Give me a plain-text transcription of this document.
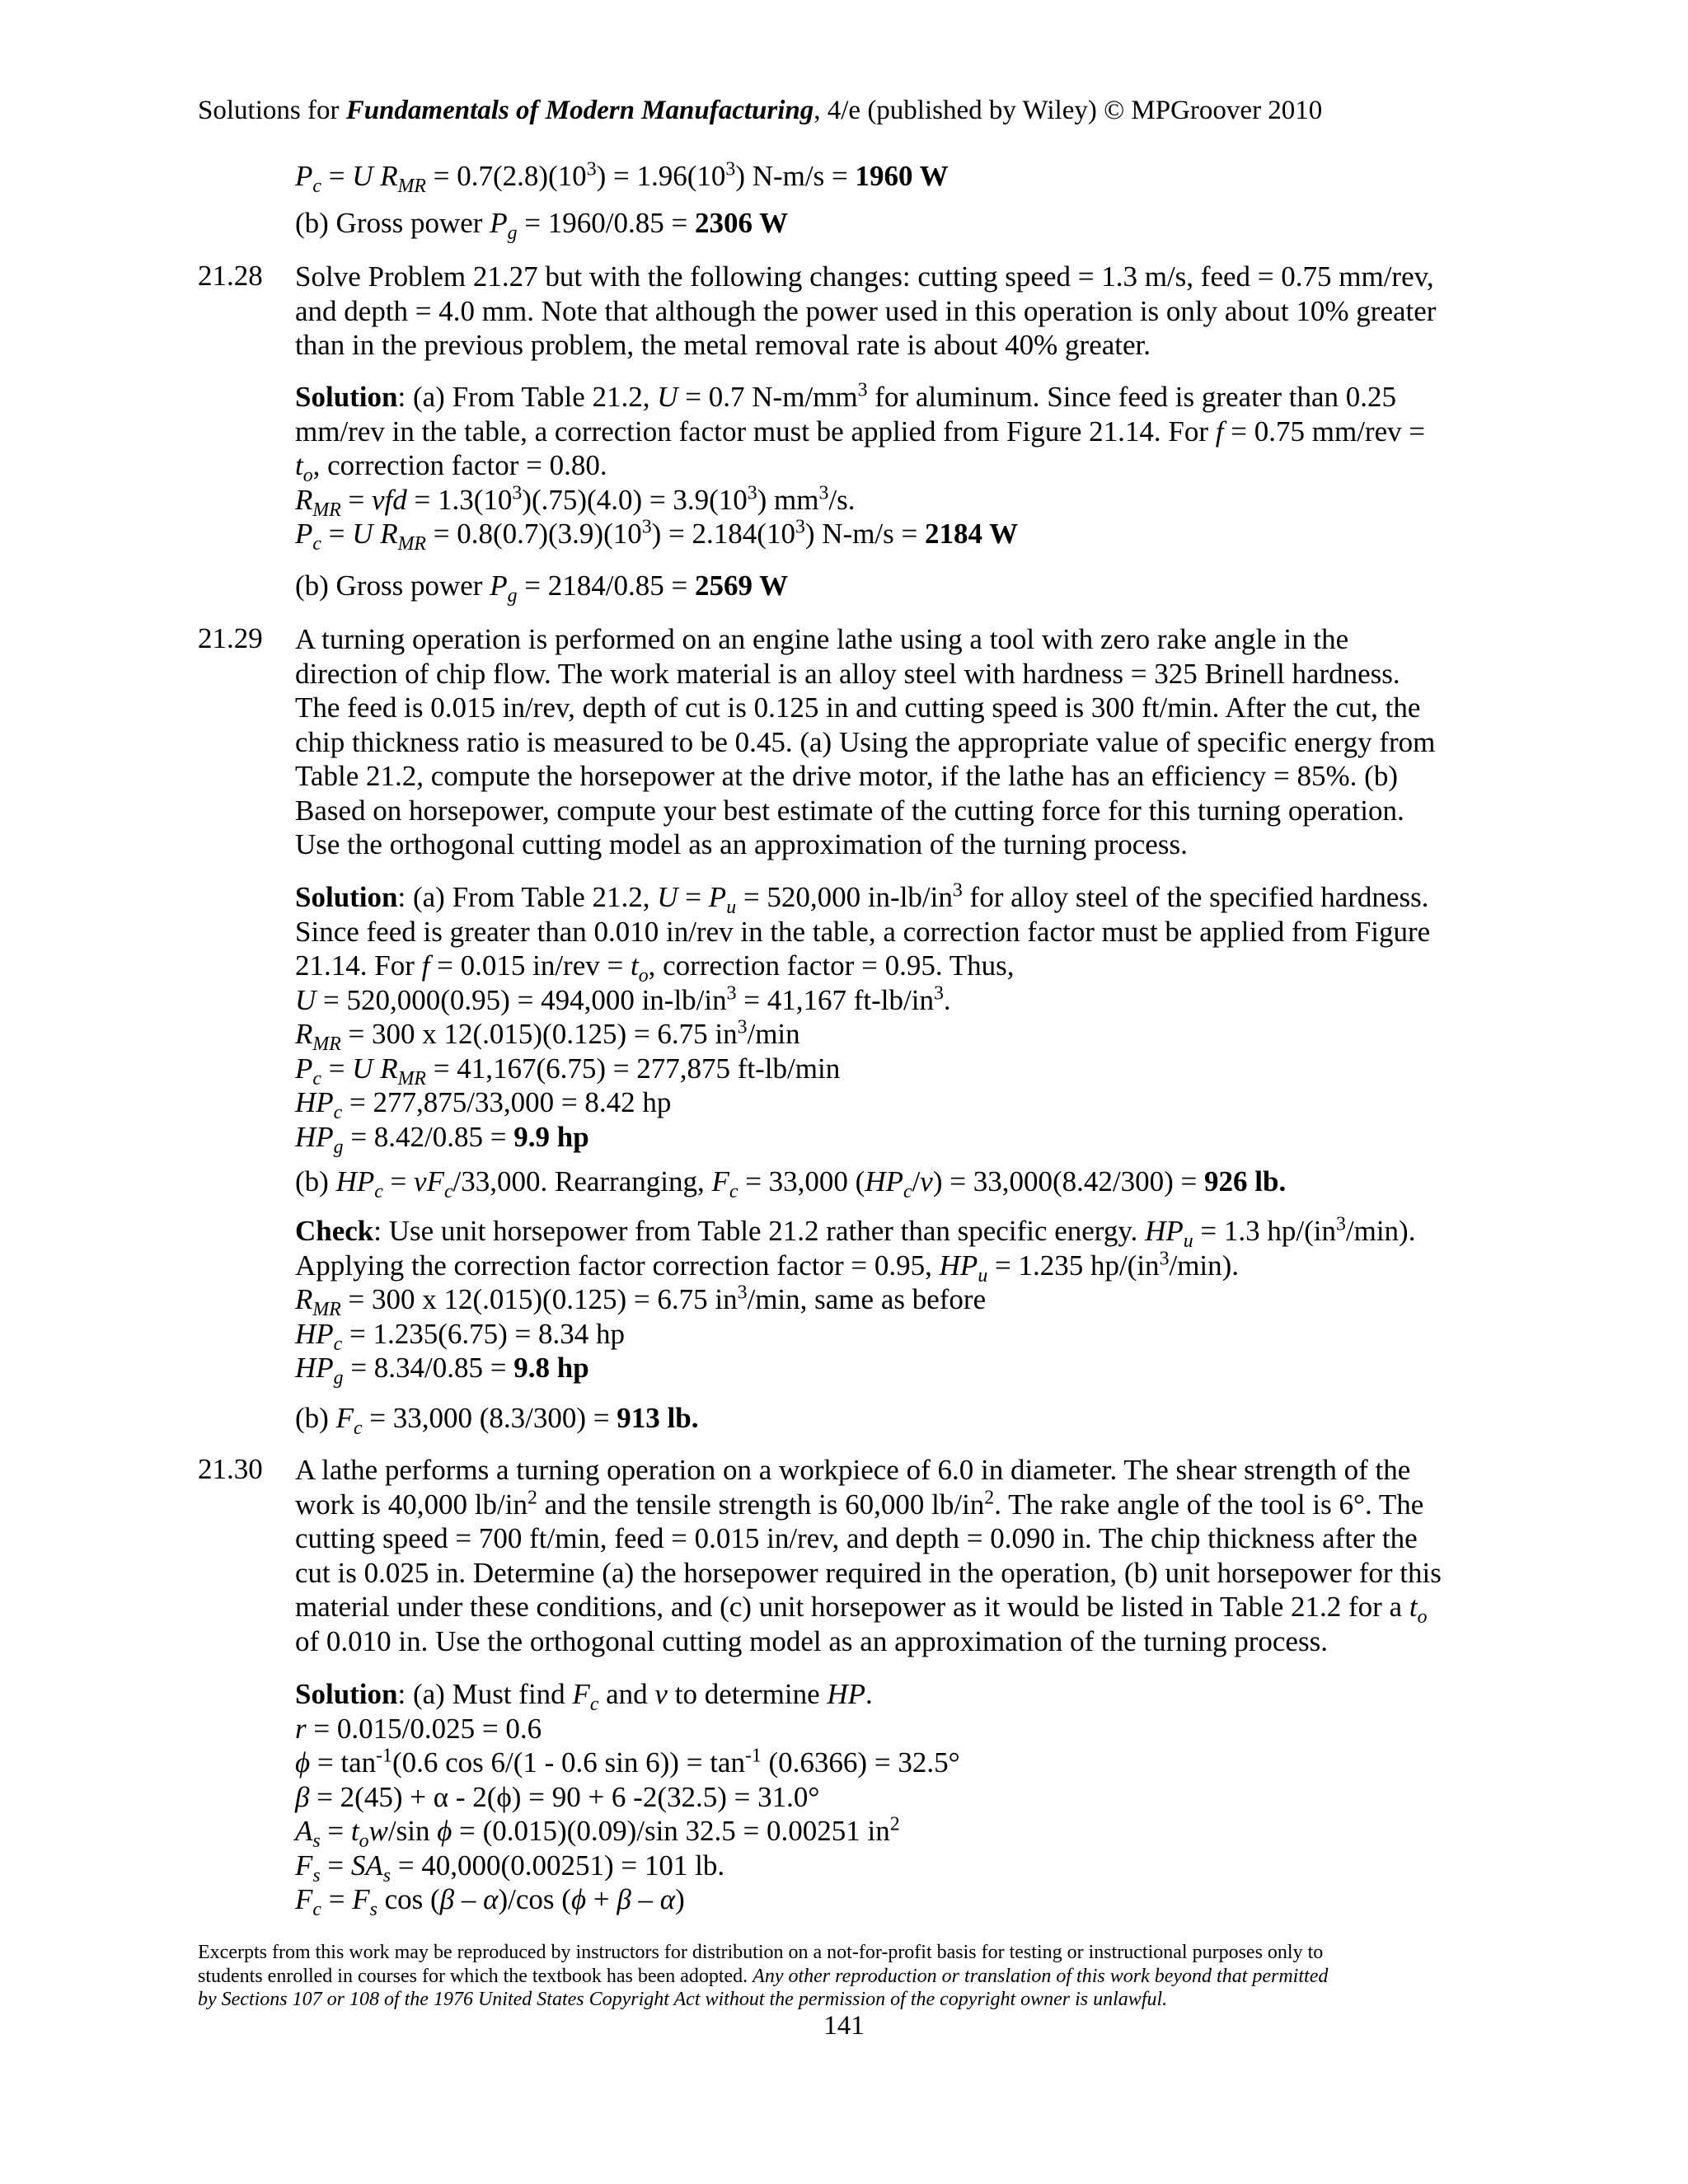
Solutions for Fundamentals of Modern Manufacturing, 4/e (published by Wiley) © MPGroover 2010
$P_c = U$ $R_{MR} = 0.7(2.8)(10^3) = 1.96(10^3) N-m/s = 1960$ W
(b) Gross power $P_g = 1960/0.85 = 2306$ W
21.28 Solve Problem 21.27 but with the following changes: cutting speed = 1.3 m/s, feed = 0.75 mm/rev,
and depth = 4.0 mm. Note that although the power used in this operation is only about 10% greater
than in the previous problem, the metal removal rate is about 40% greater.
Solution: (a) From Table 21.2, U = 0.7 $N-m/mm^3$ for aluminum. Since feed is greater than 0.25
mm/rev in the table, a correction factor must be applied from Figure 21.14. For f = 0.75 mm/rev =
$t_o$, correction factor = 0.80.
$R_{MR}$ = vfd = $1.3(10^3)(.75)(4.0) = 3.9(10^3)$ $mm^3/s$.
$P_c = U$ $R_{MR} = 0.8(0.7)(3.9)(10^3) = 2.184(10^3) N-m/s = 2184$ W
(b) Gross power $P_g = 2184/0.85 = 2569$ W
21.29 A turning operation is performed on an engine lathe using a tool with zero rake angle in the
direction of chip flow. The work material is an alloy steel with hardness = 325 Brinell hardness.
The feed is 0.015 in/rev, depth of cut is 0.125 in and cutting speed is 300 ft/min. After the cut, the
chip thickness ratio is measured to be 0.45. (a) Using the appropriate value of specific energy from
Table 21.2, compute the horsepower at the drive motor, if the lathe has an efficiency = 85%. (b)
Based on horsepower, compute your best estimate of the cutting force for this turning operation.
Use the orthogonal cutting model as an approximation of the turning process.
Solution: (a) From Table 21.2, $U = P_u = 520,000$ $in-lb/in^3$ for alloy steel of the specified hardness.
Since feed is greater than 0.010 in/rev in the table, a correction factor must be applied from Figure
21.14. For f = 0.015 $in/rev = t_o$, correction factor = 0.95. Thus,
U = 520,000(0.95) = 494,000 $in-lb/in^3 = 41,167$ $ft-lb/in^3$.
$R_{MR} = 300$ x 12(.015)(0.125) = 6.75 $in^3/\min$
$P_c = U$ $R_{MR} = 41,167(6.75) = 277,875$ ft-lb/min
$HP_c = 277,875/33,000 = 8.42$ hp
$HP_g = 8.42/0.85 = 9.9$ hp
(b) $HP_c = vF_c/33,000$. Rearranging, $F_c = 33,000$ $(HP_c/v) = 33,000(8.42/300) = 926$ lb.
Check: Use unit horsepower from Table 21.2 rather than specific energy. $HP_u = 1.3$ $hp/(in^3/\min)$.
Applying the correction factor correction factor = 0.95, $HP_u = 1.235$ $hp/(in^3/\min)$.
$R_{MR} = 300$ x 12(.015)(0.125) = 6.75 $in^3/\min$, same as before
$HP_c = 1.235(6.75) = 8.34$ hp
$HP_g = 8.34/0.85 = 9.8$ hp
(b) $F_c = 33,000$ (8.3/300) = 913 lb.
21.30 A lathe performs a turning operation on a workpiece of 6.0 in diameter. The shear strength of the
work is 40,000 $lb/in^2$ and the tensile strength is 60,000 $lb/in^2$. The rake angle of the tool is 6°. The
cutting speed = 700 ft/min, feed = 0.015 in/rev, and depth = 0.090 in. The chip thickness after the
cut is 0.025 in. Determine (a) the horsepower required in the operation, (b) unit horsepower for this
material under these conditions, and (c) unit horsepower as it would be listed in Table 21.2 for a $t_o$
of 0.010 in. Use the orthogonal cutting model as an approximation of the turning process.
Solution: (a) Must find $F_c$ and v to determine HP.
r = 0.015/0.025 = 0.6
$\phi = \tan^{-1}(0.6$ cos 6/(1 - 0.6 $\sin 6)) = \tan^{-1} (0.6366) = 32.5^\circ$
β = 2(45) + α - 2(ϕ) = 90 + 6 -2(32.5) = 31.0°
$A_s = t_ow/\sin$ ϕ = (0.015)(0.09)/sin 32.5 = 0.00251 $in^2$
$F_s = SA_s = 40,000(0.00251) = 101$ lb.
$F_c = F_s$ cos (β – α)/cos (ϕ + β – α)
Excerpts from this work may be reproduced by instructors for distribution on a not-for-profit basis for testing or instructional purposes only to
students enrolled in courses for which the textbook has been adopted. Any other reproduction or translation of this work beyond that permitted
by Sections 107 or 108 of the 1976 United States Copyright Act without the permission of the copyright owner is unlawful.
141
